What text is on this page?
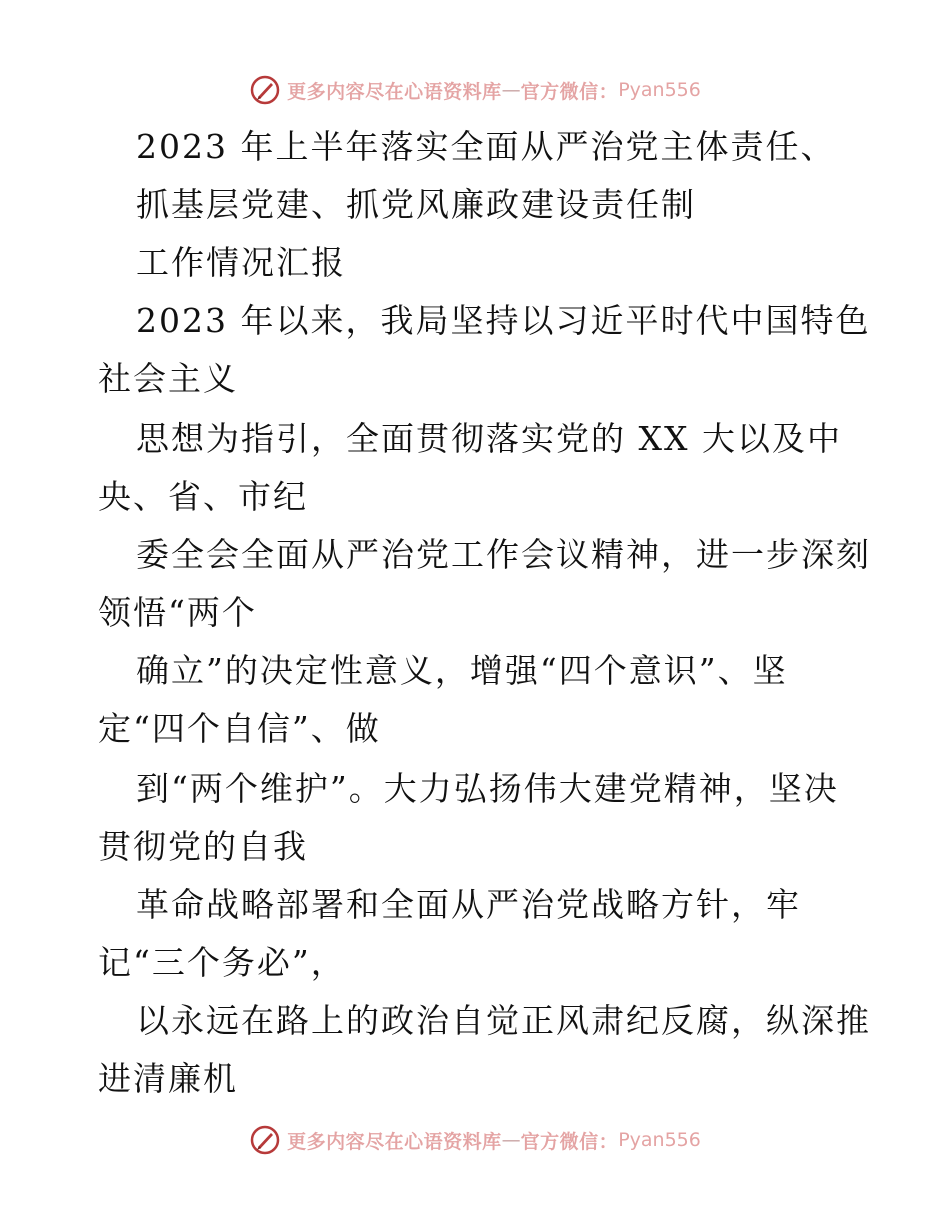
更多内容尽在心语资料库 — 官方微信： Pyan556
2023 年上半年落实全面从严治党主体责任、
抓基层党建、抓党风廉政建设责任制
工作情况汇报
2023 年以来，我局坚持以习近平时代中国特色
社会主义
思想为指引，全面贯彻落实党的 XX 大以及中
央、省、市纪
委全会全面从严治党工作会议精神，进一步深刻
领悟“两个
确立”的决定性意义，增强“四个意识”、坚
定“四个自信”、做
到“两个维护”。大力弘扬伟大建党精神，坚决
贯彻党的自我
革命战略部署和全面从严治党战略方针，牢
记“三个务必”，
以永远在路上的政治自觉正风肃纪反腐，纵深推
进清廉机
更多内容尽在心语资料库 — 官方微信： Pyan556
